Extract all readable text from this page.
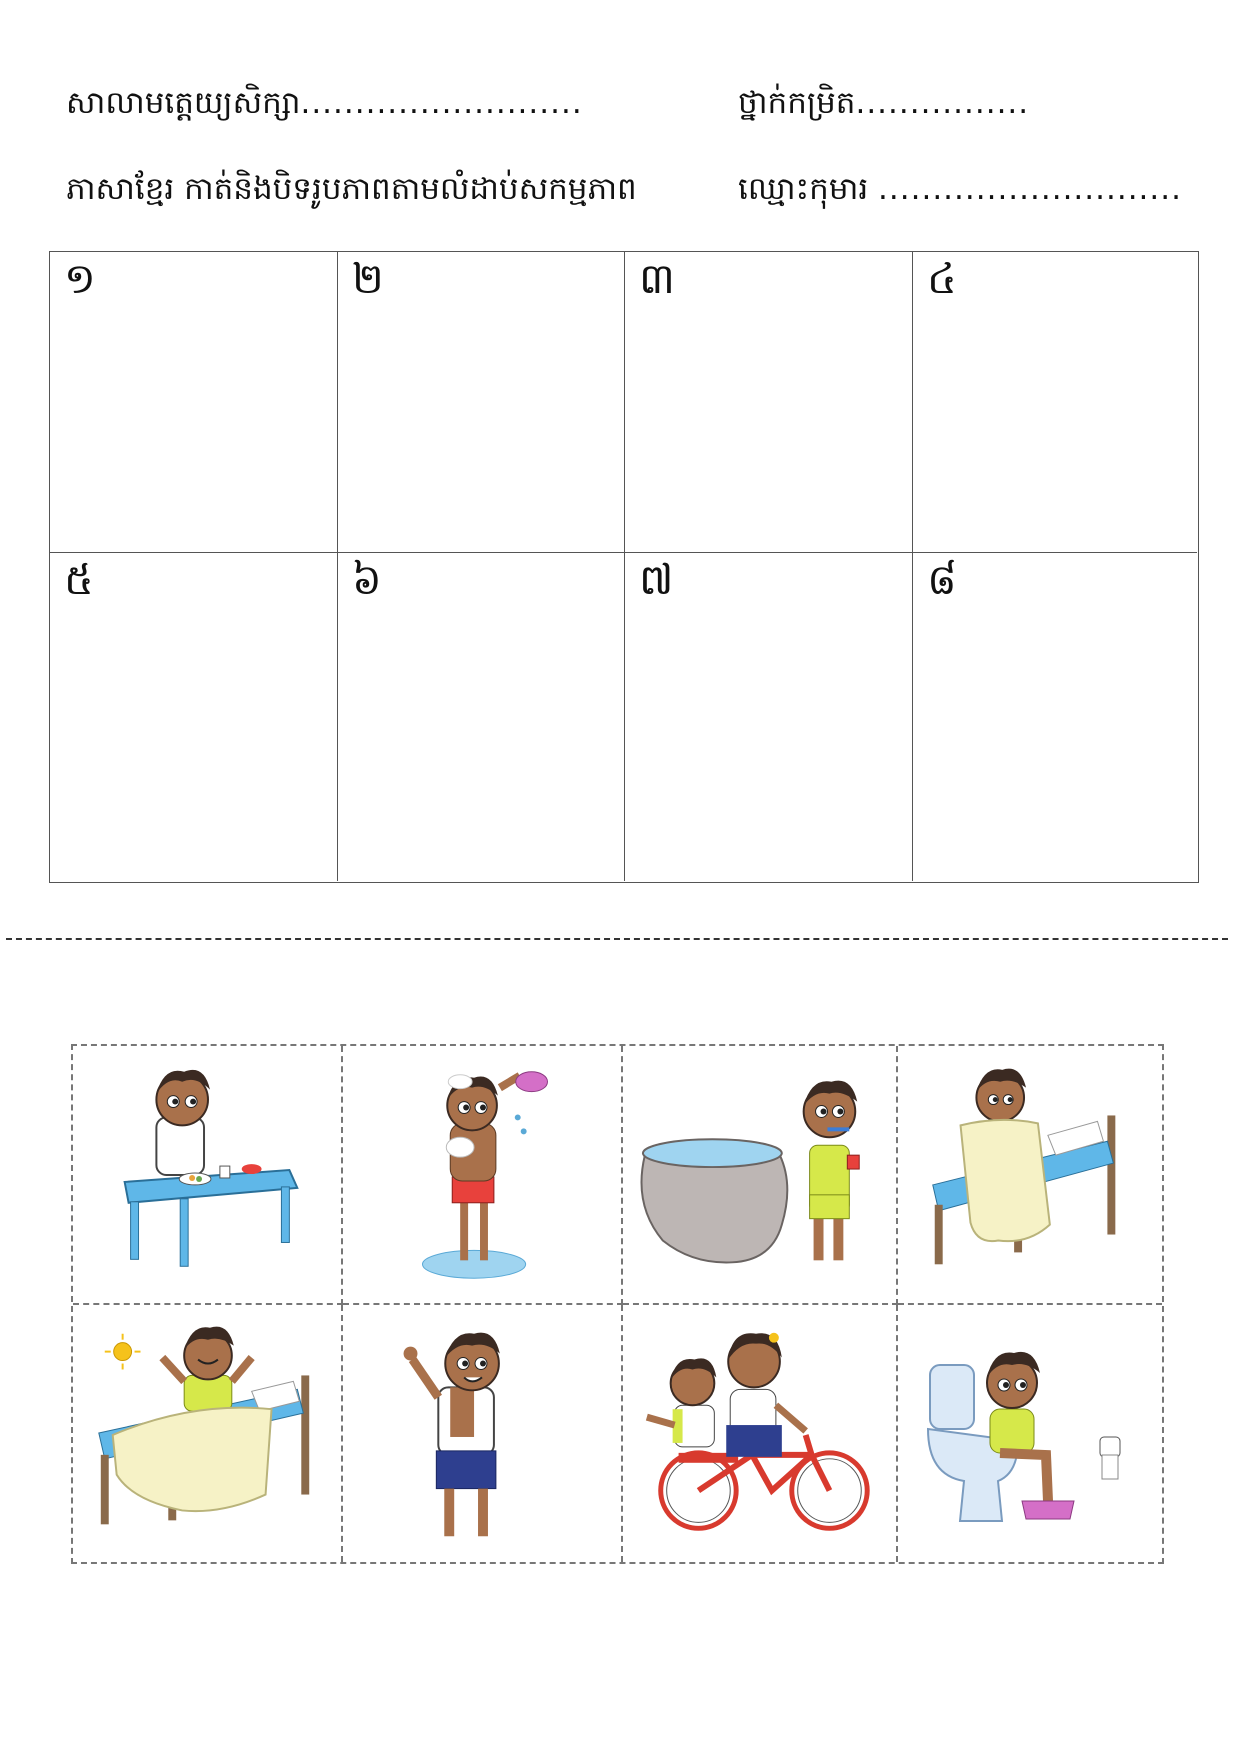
សាលាមត្តេយ្យសិក្សា..........................	ថ្នាក់កម្រិត................
ភាសាខ្មែរ កាត់និងបិទរូបភាពតាមលំដាប់សកម្មភាព	ឈ្មោះកុមារ ............................
១	២	៣	៤
៥	៦	៧	៨
